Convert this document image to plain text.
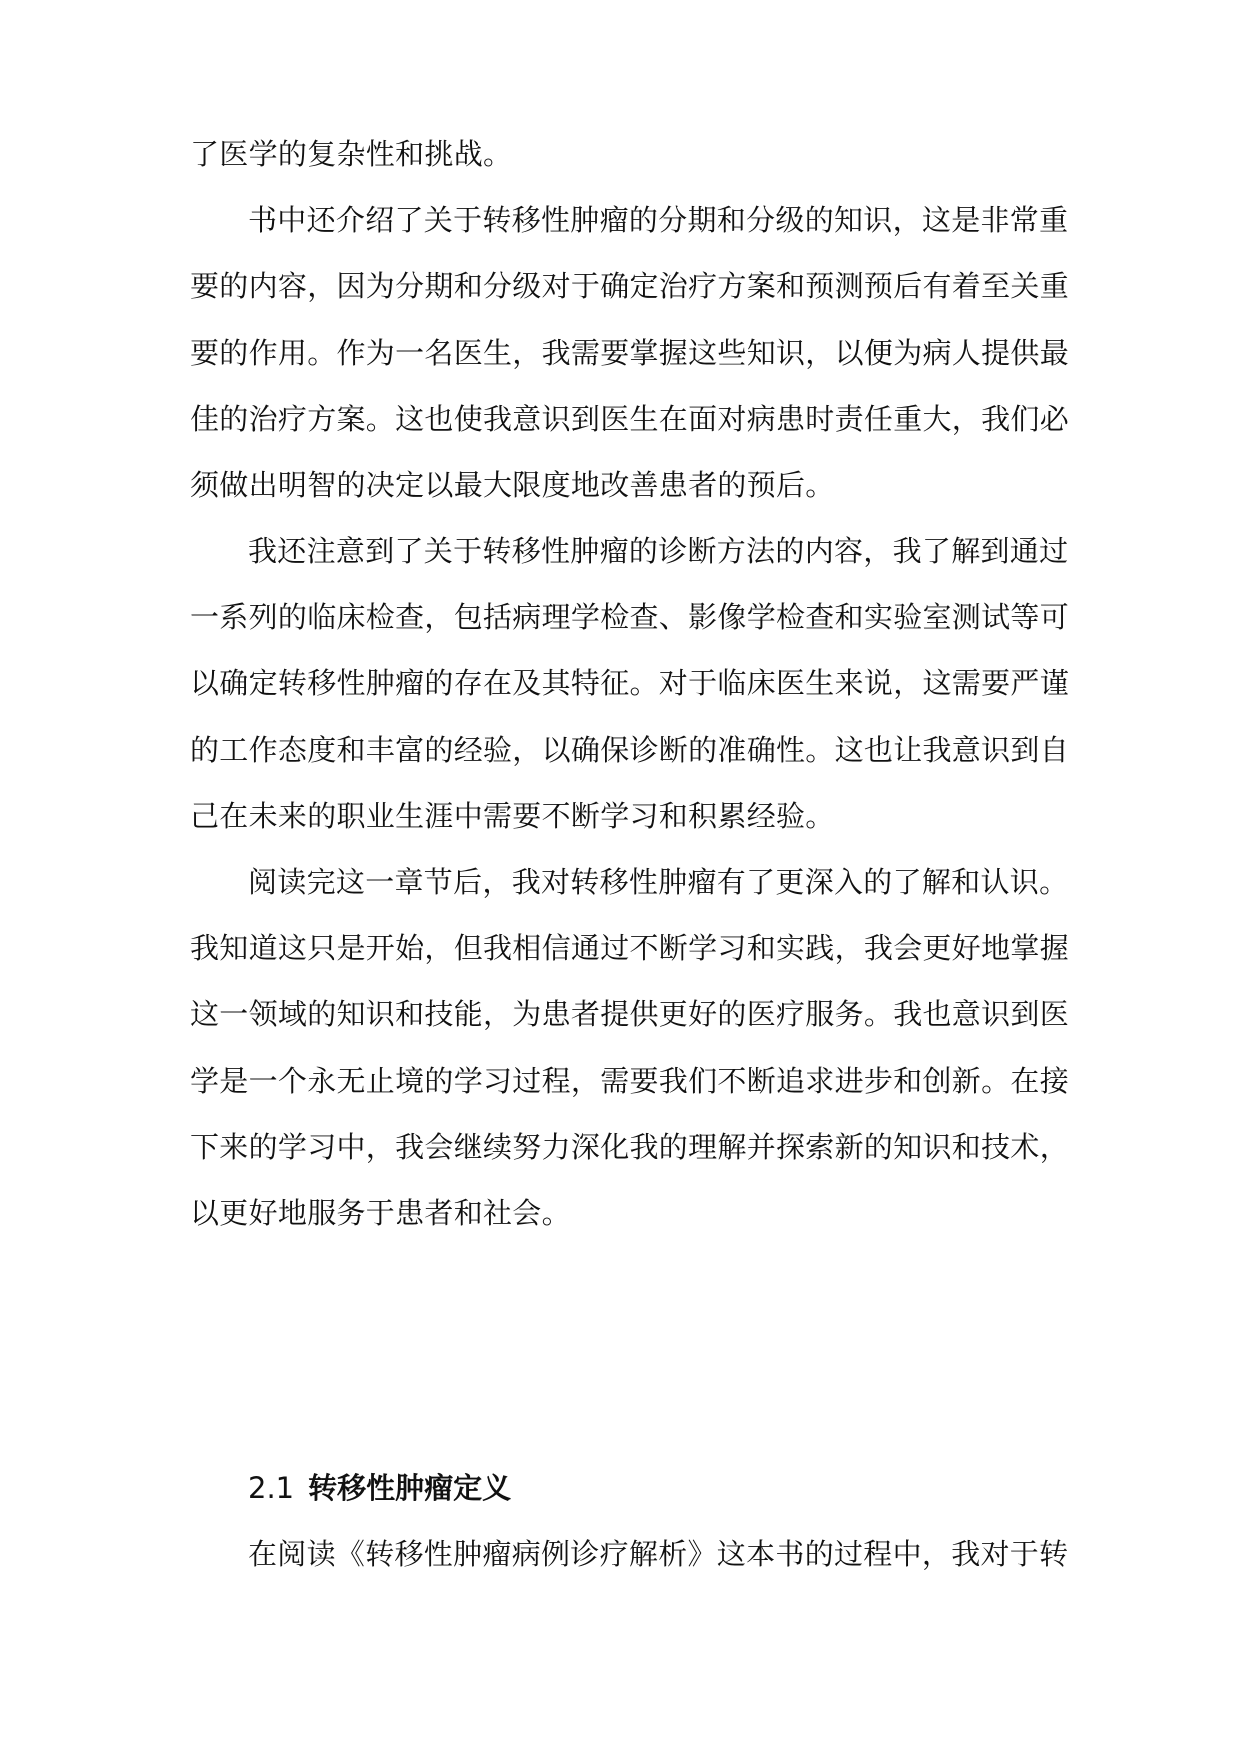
了医学的复杂性和挑战。
书中还介绍了关于转移性肿瘤的分期和分级的知识，这是非常重
要的内容，因为分期和分级对于确定治疗方案和预测预后有着至关重
要的作用。作为一名医生，我需要掌握这些知识，以便为病人提供最
佳的治疗方案。这也使我意识到医生在面对病患时责任重大，我们必
须做出明智的决定以最大限度地改善患者的预后。
我还注意到了关于转移性肿瘤的诊断方法的内容，我了解到通过
一系列的临床检查，包括病理学检查、影像学检查和实验室测试等可
以确定转移性肿瘤的存在及其特征。对于临床医生来说，这需要严谨
的工作态度和丰富的经验，以确保诊断的准确性。这也让我意识到自
己在未来的职业生涯中需要不断学习和积累经验。
阅读完这一章节后，我对转移性肿瘤有了更深入的了解和认识。
我知道这只是开始，但我相信通过不断学习和实践，我会更好地掌握
这一领域的知识和技能，为患者提供更好的医疗服务。我也意识到医
学是一个永无止境的学习过程，需要我们不断追求进步和创新。在接
下来的学习中，我会继续努力深化我的理解并探索新的知识和技术，
以更好地服务于患者和社会。
2.1 转移性肿瘤定义
在阅读《转移性肿瘤病例诊疗解析》这本书的过程中，我对于转
